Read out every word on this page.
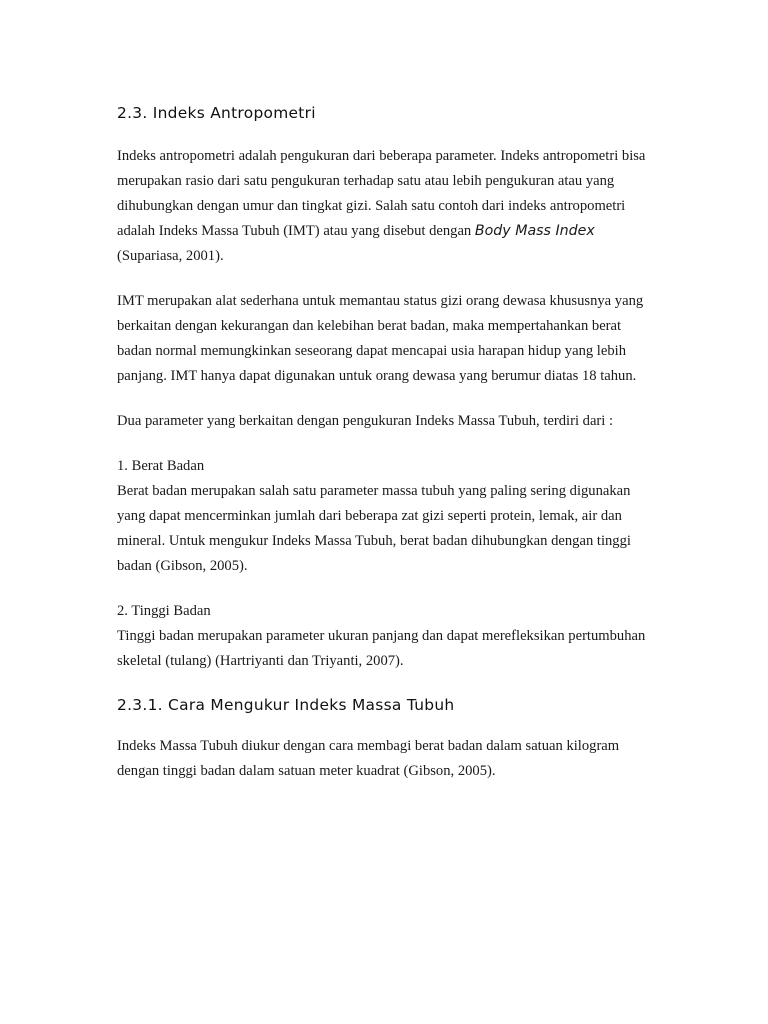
2.3. Indeks Antropometri

Indeks antropometri adalah pengukuran dari beberapa parameter. Indeks antropometri bisa merupakan rasio dari satu pengukuran terhadap satu atau lebih pengukuran atau yang dihubungkan dengan umur dan tingkat gizi. Salah satu contoh dari indeks antropometri adalah Indeks Massa Tubuh (IMT) atau yang disebut dengan Body Mass Index (Supariasa, 2001).

IMT merupakan alat sederhana untuk memantau status gizi orang dewasa khususnya yang berkaitan dengan kekurangan dan kelebihan berat badan, maka mempertahankan berat badan normal memungkinkan seseorang dapat mencapai usia harapan hidup yang lebih panjang. IMT hanya dapat digunakan untuk orang dewasa yang berumur diatas 18 tahun.

Dua parameter yang berkaitan dengan pengukuran Indeks Massa Tubuh, terdiri dari :

1. Berat Badan
Berat badan merupakan salah satu parameter massa tubuh yang paling sering digunakan yang dapat mencerminkan jumlah dari beberapa zat gizi seperti protein, lemak, air dan mineral. Untuk mengukur Indeks Massa Tubuh, berat badan dihubungkan dengan tinggi badan (Gibson, 2005).
2. Tinggi Badan
Tinggi badan merupakan parameter ukuran panjang dan dapat merefleksikan pertumbuhan skeletal (tulang) (Hartriyanti dan Triyanti, 2007).
2.3.1. Cara Mengukur Indeks Massa Tubuh

Indeks Massa Tubuh diukur dengan cara membagi berat badan dalam satuan kilogram dengan tinggi badan dalam satuan meter kuadrat (Gibson, 2005).
